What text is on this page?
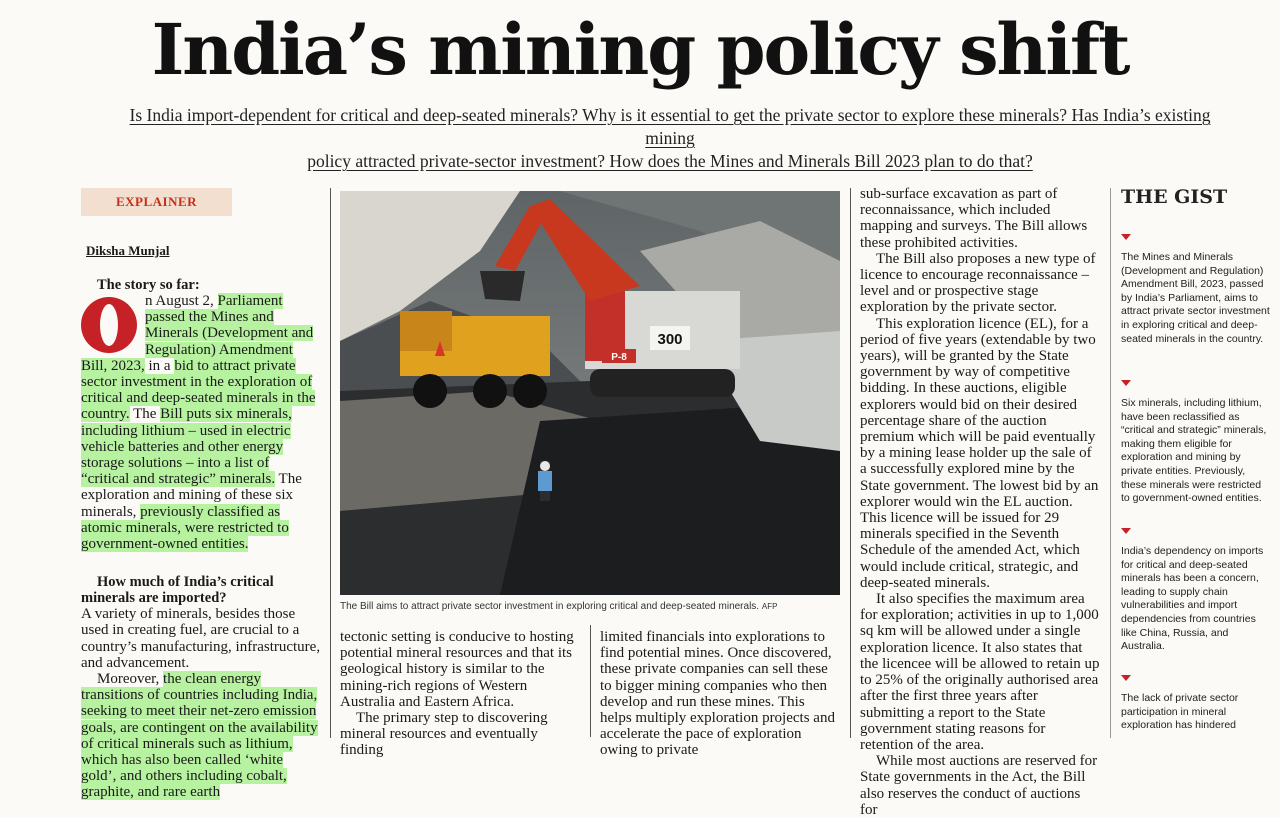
India’s mining policy shift
Is India import-dependent for critical and deep-seated minerals? Why is it essential to get the private sector to explore these minerals? Has India’s existing mining
policy attracted private-sector investment? How does the Mines and Minerals Bill 2023 plan to do that?
EXPLAINER
Diksha Munjal

The story so far:

n August 2, Parliament passed the Mines and Minerals (Development and Regulation) Amendment Bill, 2023, in a bid to attract private sector investment in the exploration of critical and deep-seated minerals in the country. The Bill puts six minerals, including lithium – used in electric vehicle batteries and other energy storage solutions – into a list of “critical and strategic” minerals. The exploration and mining of these six minerals, previously classified as atomic minerals, were restricted to government-owned entities.

How much of India’s critical minerals are imported?

A variety of minerals, besides those used in creating fuel, are crucial to a country’s manufacturing, infrastructure, and advancement.

Moreover, the clean energy transitions of countries including India, seeking to meet their net-zero emission goals, are contingent on the availability of critical minerals such as lithium, which has also been called ‘white gold’, and others including cobalt, graphite, and rare earth

300
P-8
The Bill aims to attract private sector investment in exploring critical and deep-seated minerals. AFP

tectonic setting is conducive to hosting potential mineral resources and that its geological history is similar to the mining-rich regions of Western Australia and Eastern Africa.

The primary step to discovering mineral resources and eventually finding

limited financials into explorations to find potential mines. Once discovered, these private companies can sell these to bigger mining companies who then develop and run these mines. This helps multiply exploration projects and accelerate the pace of exploration owing to private

sub-surface excavation as part of reconnaissance, which included mapping and surveys. The Bill allows these prohibited activities.

The Bill also proposes a new type of licence to encourage reconnaissance – level and or prospective stage exploration by the private sector.

This exploration licence (EL), for a period of five years (extendable by two years), will be granted by the State government by way of competitive bidding. In these auctions, eligible explorers would bid on their desired percentage share of the auction premium which will be paid eventually by a mining lease holder up the sale of a successfully explored mine by the State government. The lowest bid by an explorer would win the EL auction. This licence will be issued for 29 minerals specified in the Seventh Schedule of the amended Act, which would include critical, strategic, and deep-seated minerals.

It also specifies the maximum area for exploration; activities in up to 1,000 sq km will be allowed under a single exploration licence. It also states that the licencee will be allowed to retain up to 25% of the originally authorised area after the first three years after submitting a report to the State government stating reasons for retention of the area.

While most auctions are reserved for State governments in the Act, the Bill also reserves the conduct of auctions for

THE GIST
The Mines and Minerals (Development and Regulation) Amendment Bill, 2023, passed by India’s Parliament, aims to attract private sector investment in exploring critical and deep-seated minerals in the country.
Six minerals, including lithium, have been reclassified as “critical and strategic” minerals, making them eligible for exploration and mining by private entities. Previously, these minerals were restricted to government-owned entities.
India’s dependency on imports for critical and deep-seated minerals has been a concern, leading to supply chain vulnerabilities and import dependencies from countries like China, Russia, and Australia.
The lack of private sector participation in mineral exploration has hindered
